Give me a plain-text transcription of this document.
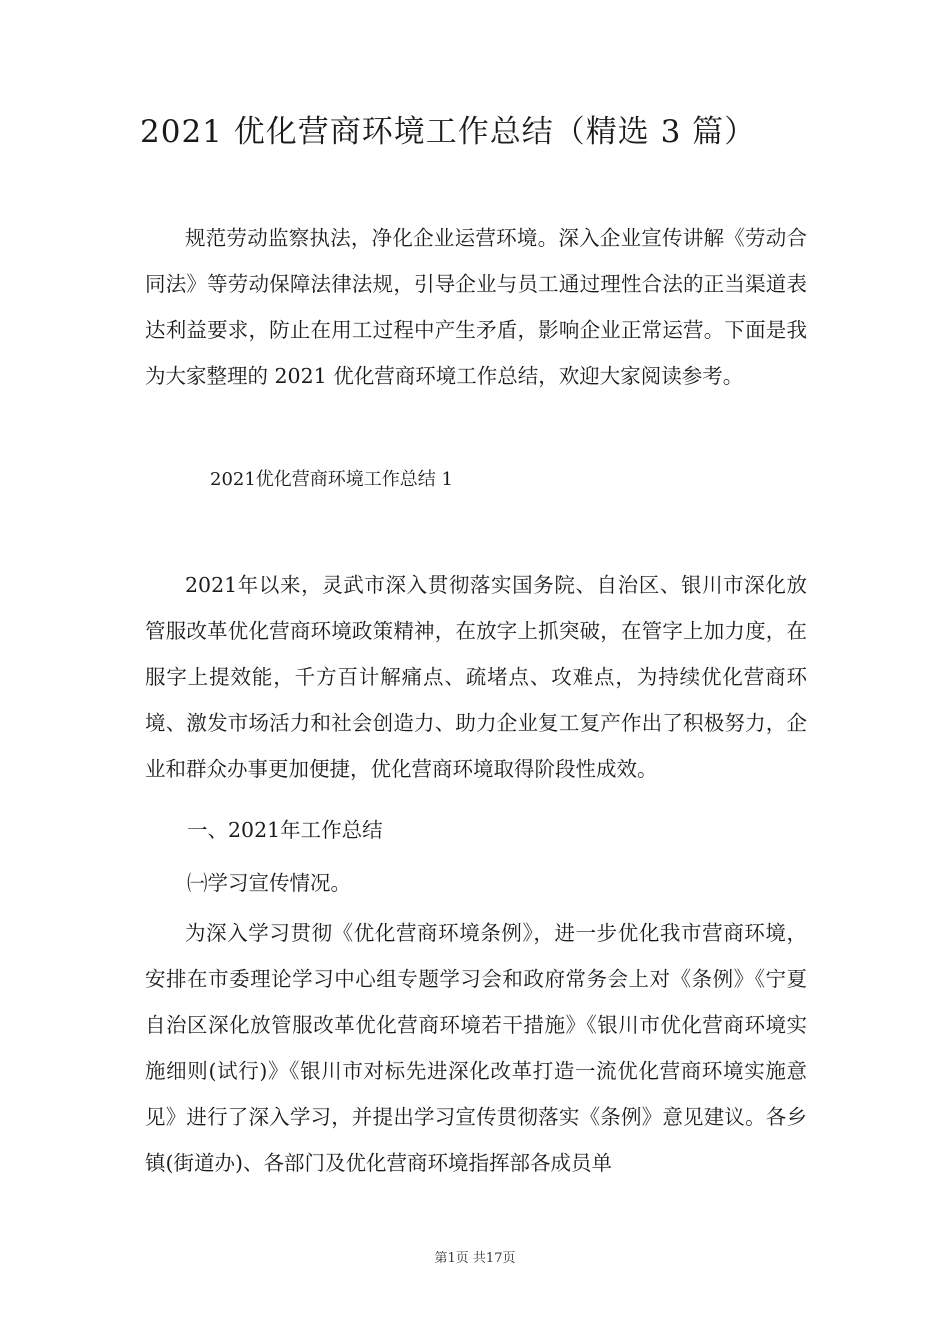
2021 优化营商环境工作总结（精选 3 篇）
规范劳动监察执法，净化企业运营环境。深入企业宣传讲解《劳动合同法》等劳动保障法律法规，引导企业与员工通过理性合法的正当渠道表达利益要求，防止在用工过程中产生矛盾，影响企业正常运营。下面是我为大家整理的 2021 优化营商环境工作总结，欢迎大家阅读参考。
2021优化营商环境工作总结 1
2021年以来，灵武市深入贯彻落实国务院、自治区、银川市深化放管服改革优化营商环境政策精神，在放字上抓突破，在管字上加力度，在服字上提效能，千方百计解痛点、疏堵点、攻难点，为持续优化营商环境、激发市场活力和社会创造力、助力企业复工复产作出了积极努力，企业和群众办事更加便捷，优化营商环境取得阶段性成效。
一、2021年工作总结
㈠学习宣传情况。
为深入学习贯彻《优化营商环境条例》，进一步优化我市营商环境，安排在市委理论学习中心组专题学习会和政府常务会上对《条例》《宁夏自治区深化放管服改革优化营商环境若干措施》《银川市优化营商环境实施细则(试行)》《银川市对标先进深化改革打造一流优化营商环境实施意见》进行了深入学习，并提出学习宣传贯彻落实《条例》意见建议。各乡镇(街道办)、各部门及优化营商环境指挥部各成员单
第1页 共17页
